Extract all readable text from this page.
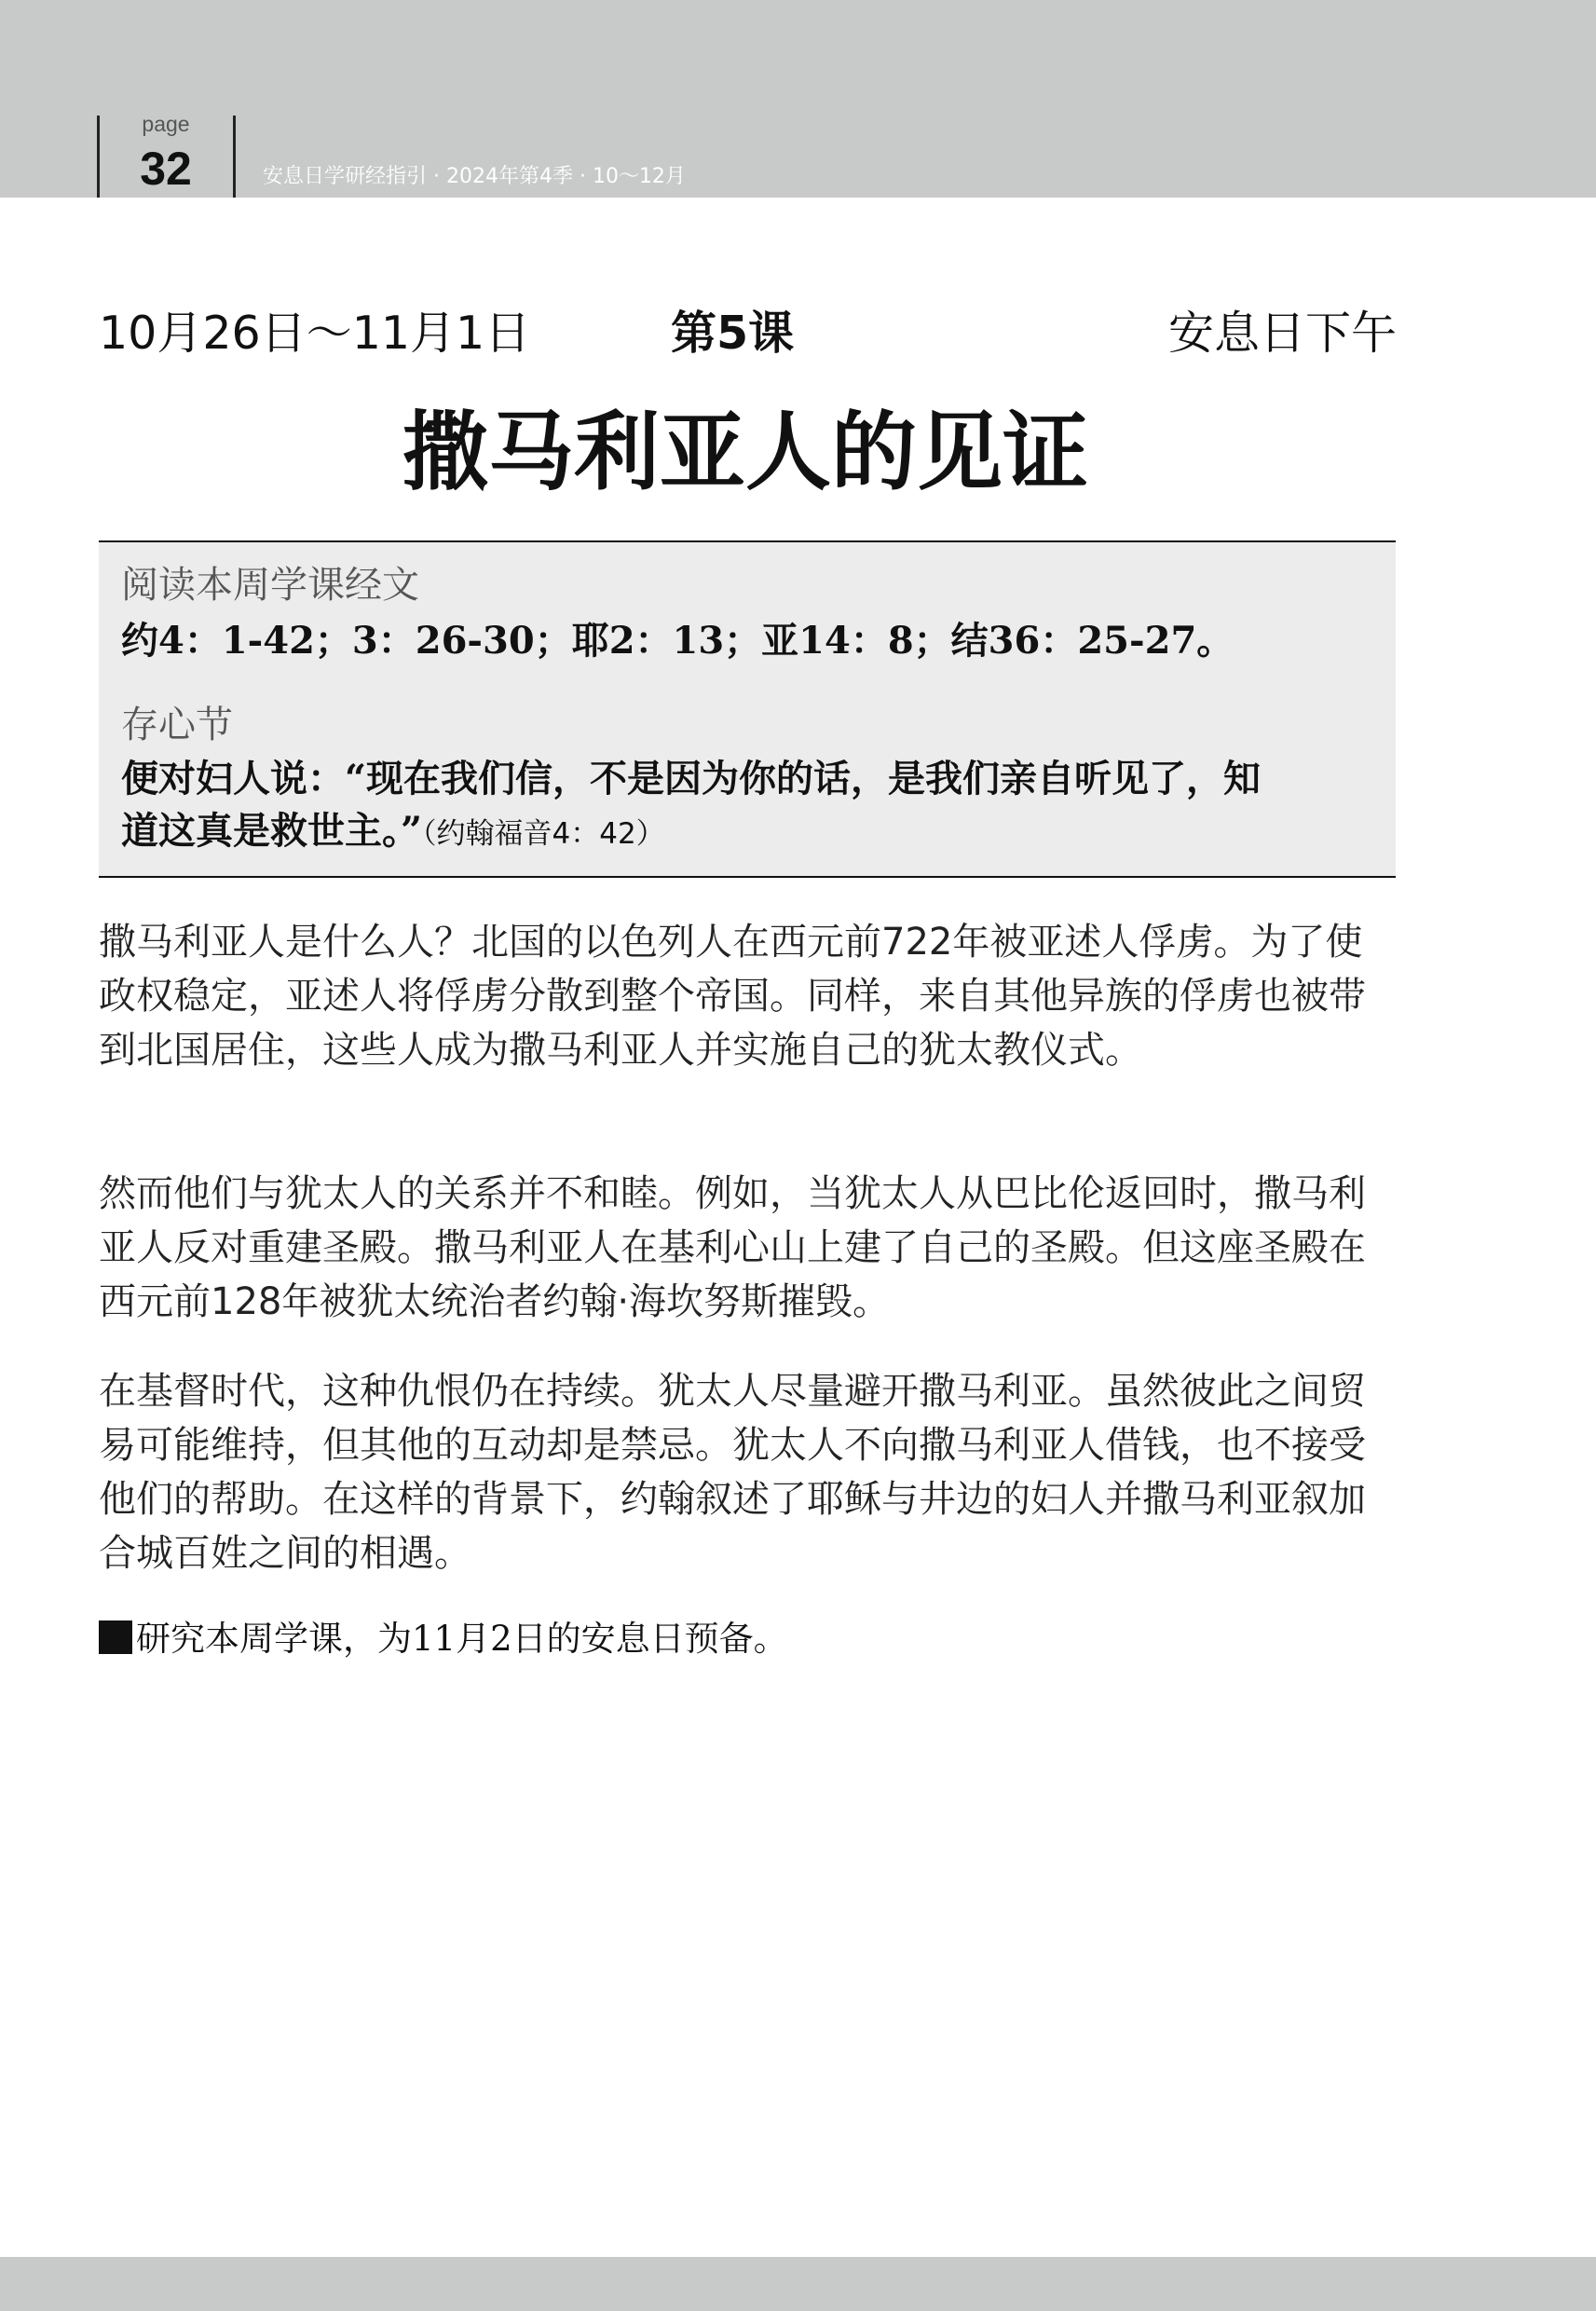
page
32	安息日学研经指引 · 2024年第4季 · 10～12月
10月26日～11月1日	第5课	安息日下午
撒马利亚人的见证
阅读本周学课经文
约4：1-42；3：26-30；耶2：13；亚14：8；结36：25-27。
存心节
便对妇人说：“现在我们信，不是因为你的话，是我们亲自听见了，知
道这真是救世主。”（约翰福音4：42）

撒马利亚人是什么人？北国的以色列人在西元前722年被亚述人俘虏。为了使政权稳定，亚述人将俘虏分散到整个帝国。同样，来自其他异族的俘虏也被带到北国居住，这些人成为撒马利亚人并实施自己的犹太教仪式。

然而他们与犹太人的关系并不和睦。例如，当犹太人从巴比伦返回时，撒马利亚人反对重建圣殿。撒马利亚人在基利心山上建了自己的圣殿。但这座圣殿在西元前128年被犹太统治者约翰·海坎努斯摧毁。

在基督时代，这种仇恨仍在持续。犹太人尽量避开撒马利亚。虽然彼此之间贸易可能维持，但其他的互动却是禁忌。犹太人不向撒马利亚人借钱，也不接受他们的帮助。在这样的背景下，约翰叙述了耶稣与井边的妇人并撒马利亚叙加合城百姓之间的相遇。

研究本周学课，为11月2日的安息日预备。
